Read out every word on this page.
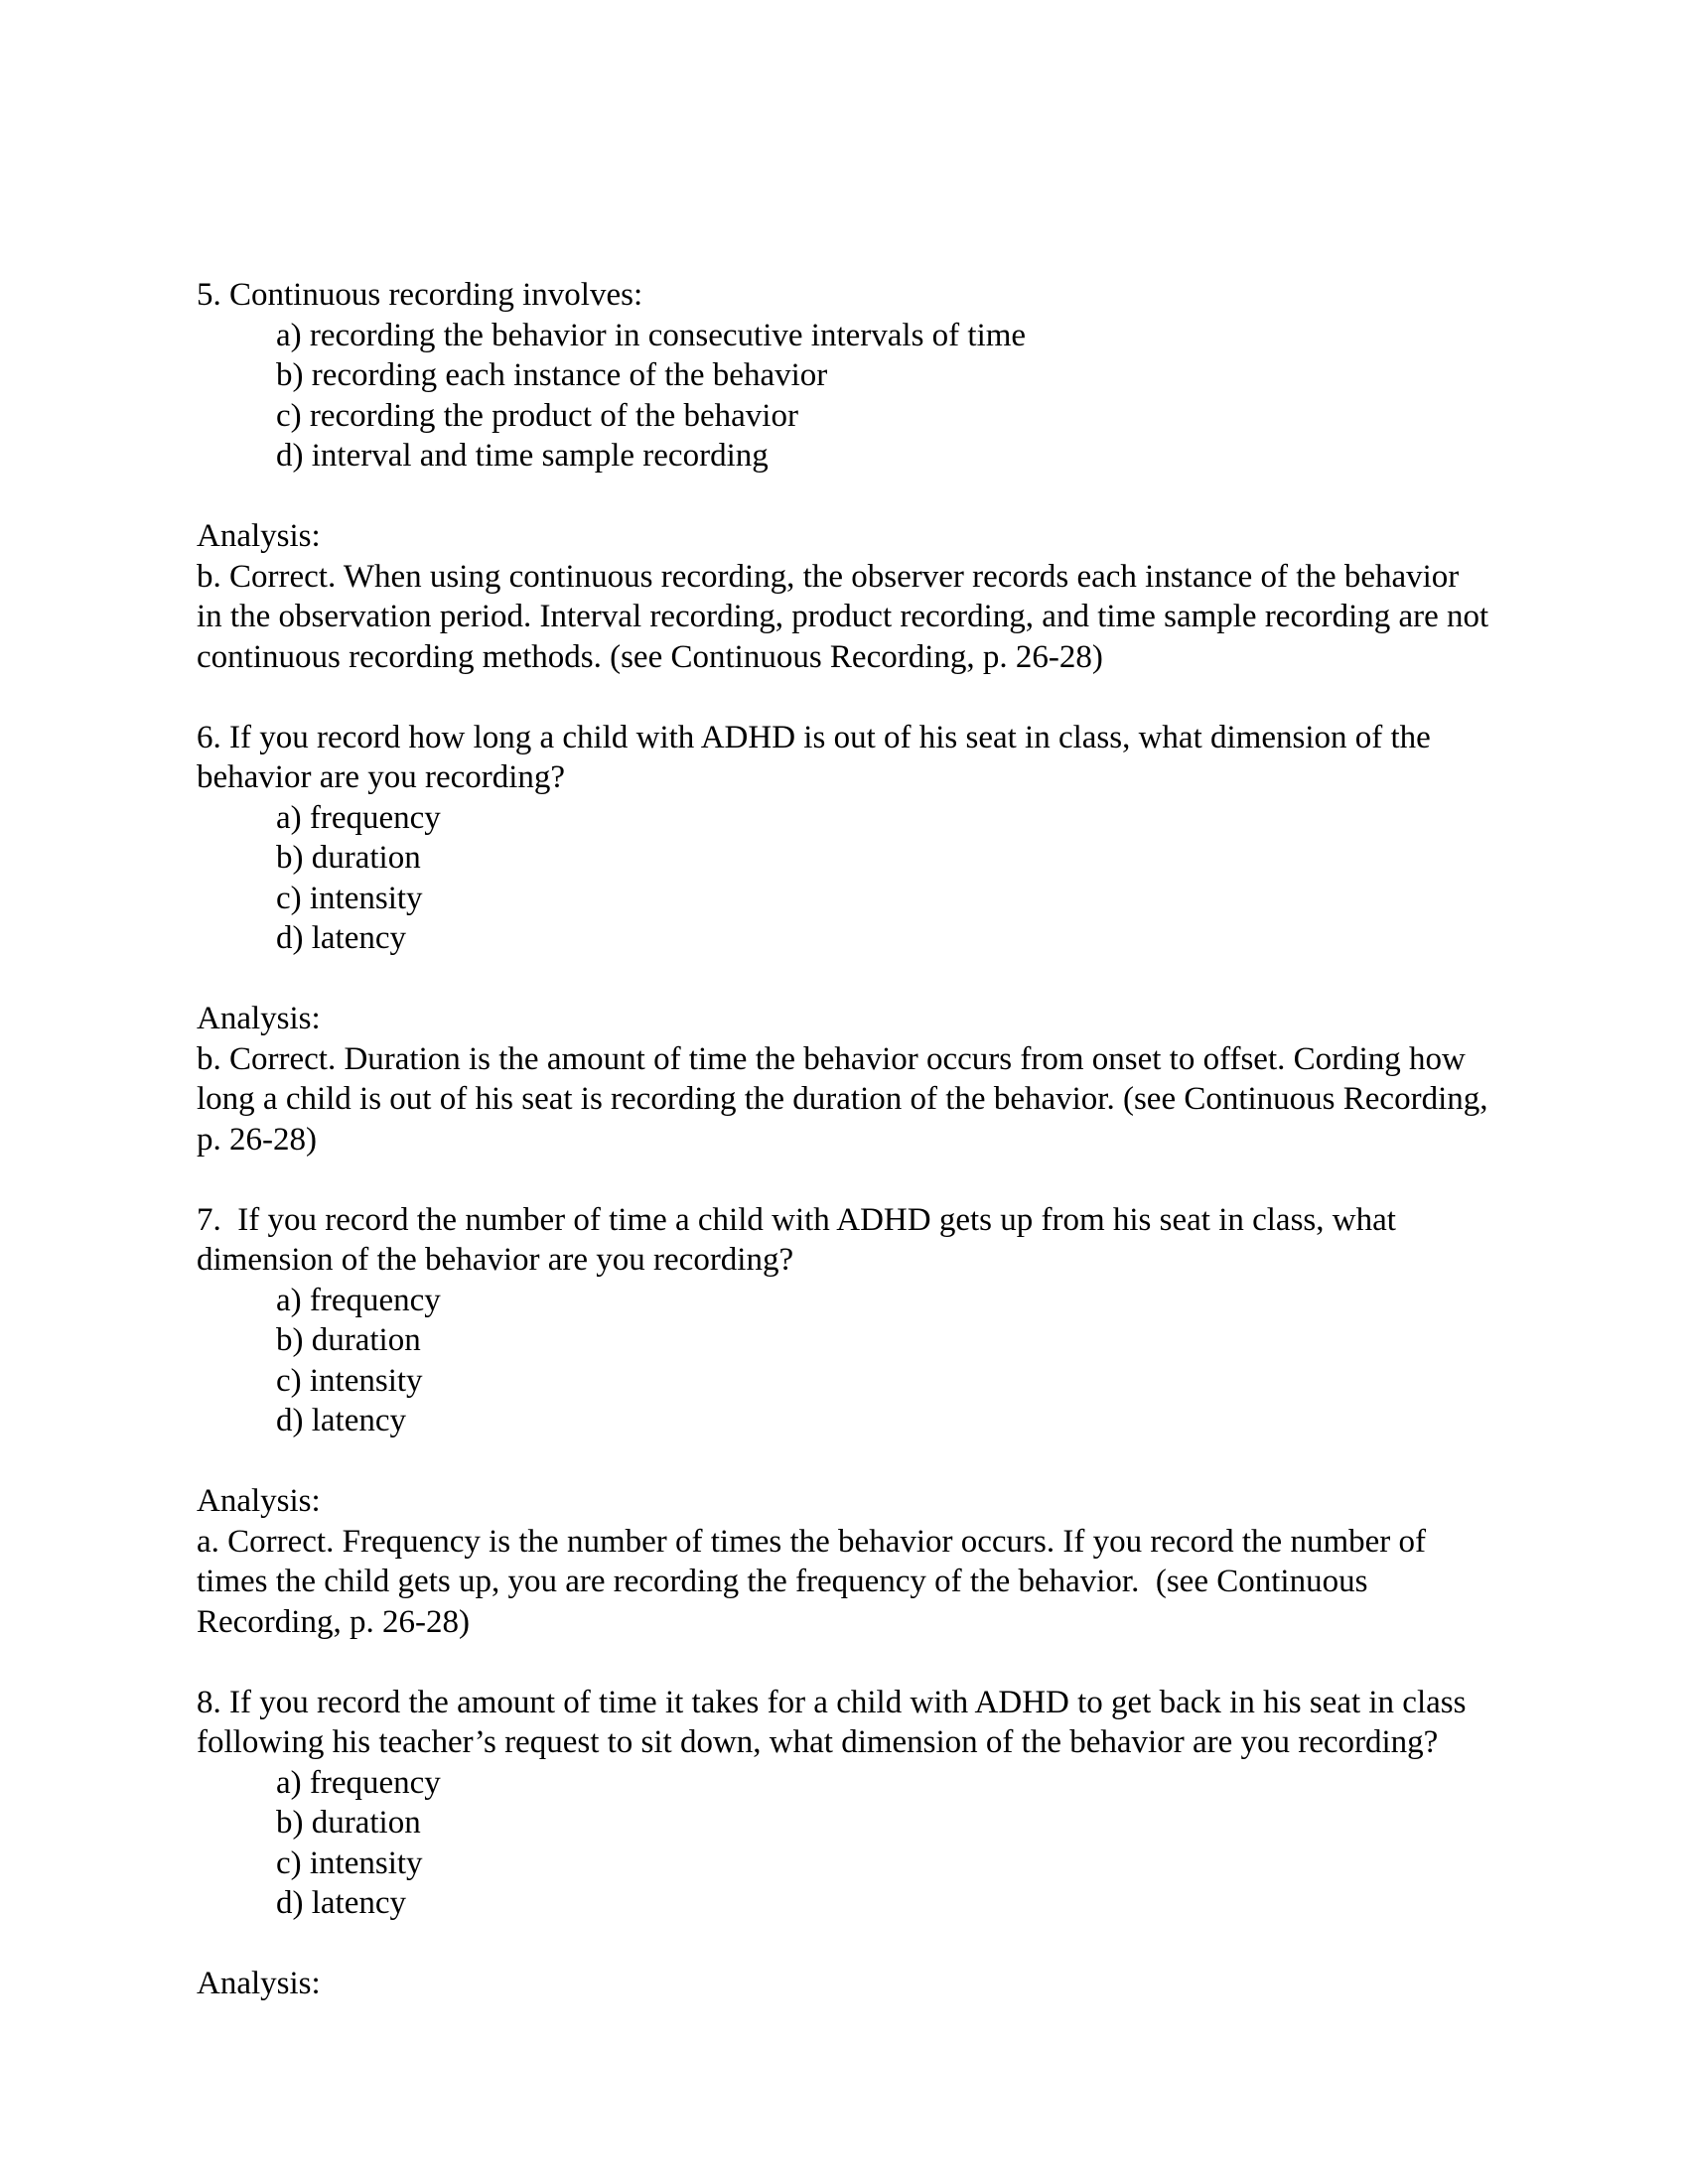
5. Continuous recording involves:

a) recording the behavior in consecutive intervals of time

b) recording each instance of the behavior

c) recording the product of the behavior

d) interval and time sample recording

Analysis:

b. Correct. When using continuous recording, the observer records each instance of the behavior in the observation period. Interval recording, product recording, and time sample recording are not continuous recording methods. (see Continuous Recording, p. 26-28)

6. If you record how long a child with ADHD is out of his seat in class, what dimension of the behavior are you recording?

a) frequency

b) duration

c) intensity

d) latency

Analysis:

b. Correct. Duration is the amount of time the behavior occurs from onset to offset. Cording how long a child is out of his seat is recording the duration of the behavior. (see Continuous Recording, p. 26-28)

7.  If you record the number of time a child with ADHD gets up from his seat in class, what dimension of the behavior are you recording?

a) frequency

b) duration

c) intensity

d) latency

Analysis:

a. Correct. Frequency is the number of times the behavior occurs. If you record the number of times the child gets up, you are recording the frequency of the behavior.  (see Continuous Recording, p. 26-28)

8. If you record the amount of time it takes for a child with ADHD to get back in his seat in class following his teacher’s request to sit down, what dimension of the behavior are you recording?

a) frequency

b) duration

c) intensity

d) latency

Analysis:
